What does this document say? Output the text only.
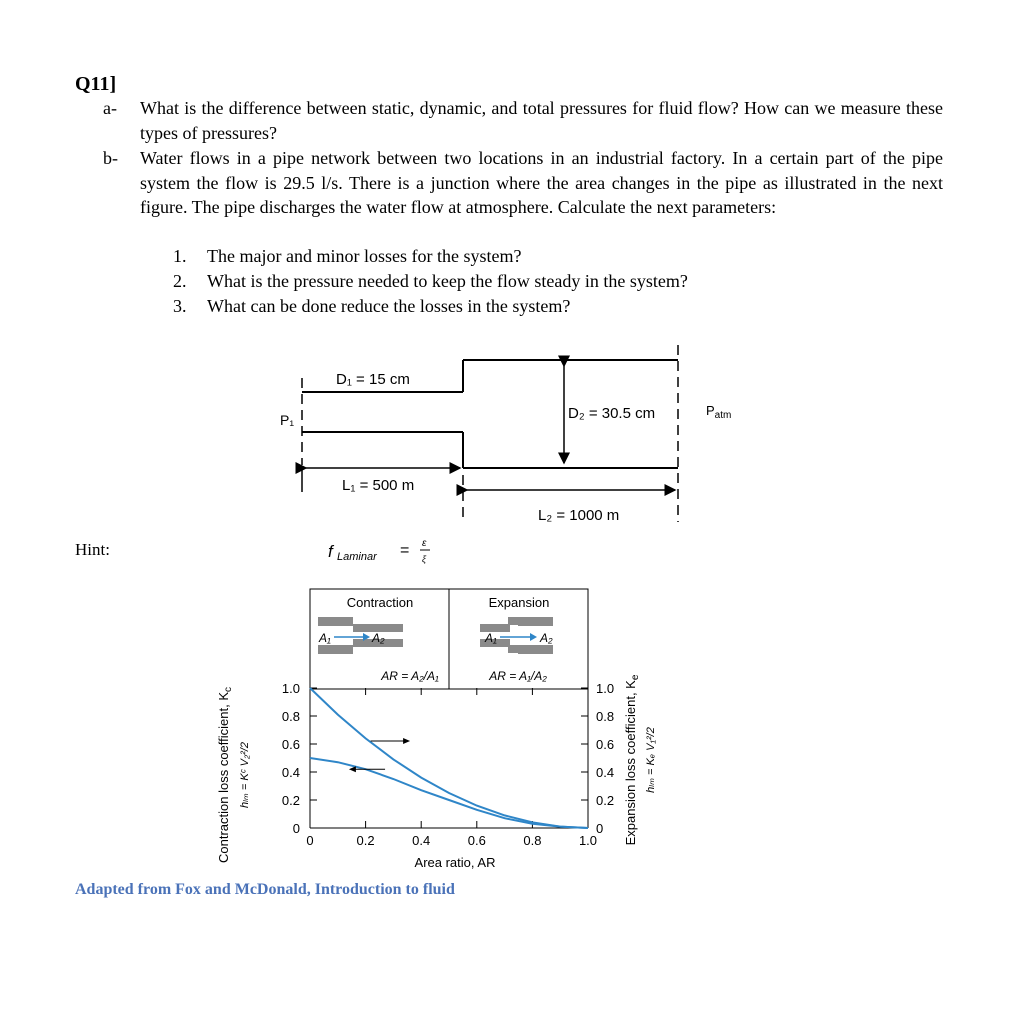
Q11]
a- What is the difference between static, dynamic, and total pressures for fluid flow? How can we measure these types of pressures?
b- Water flows in a pipe network between two locations in an industrial factory. In a certain part of the pipe system the flow is 29.5 l/s. There is a junction where the area changes in the pipe as illustrated in the next figure. The pipe discharges the water flow at atmosphere. Calculate the next parameters:
1. The major and minor losses for the system?
2. What is the pressure needed to keep the flow steady in the system?
3. What can be done reduce the losses in the system?
D₁ = 15 cm
P₁	D₂ = 30.5 cm
L₁ = 500 m
L₂ = 1000 m
$P_{atm}$
Hint:	f Laminar = ε
ξ
Contraction	Expansion
A₁	A₂	A₁	A₂
AR = A₂/A₁	AR = A₁/A₂
0	0
0.2	0.2
0.4	0.4
0.6	0.6
0.8	0.8
1.0	1.0
0	0.2	0.4	0.6	0.8	1.0
Area ratio, AR
Contraction loss coefficient, $K_c$
hₗₘ = Kᶜ V₂²/2	Expansion loss coefficient, $K_e$
hₗₘ = Kₑ V₁²/2
Adapted from Fox and McDonald, Introduction to fluid
